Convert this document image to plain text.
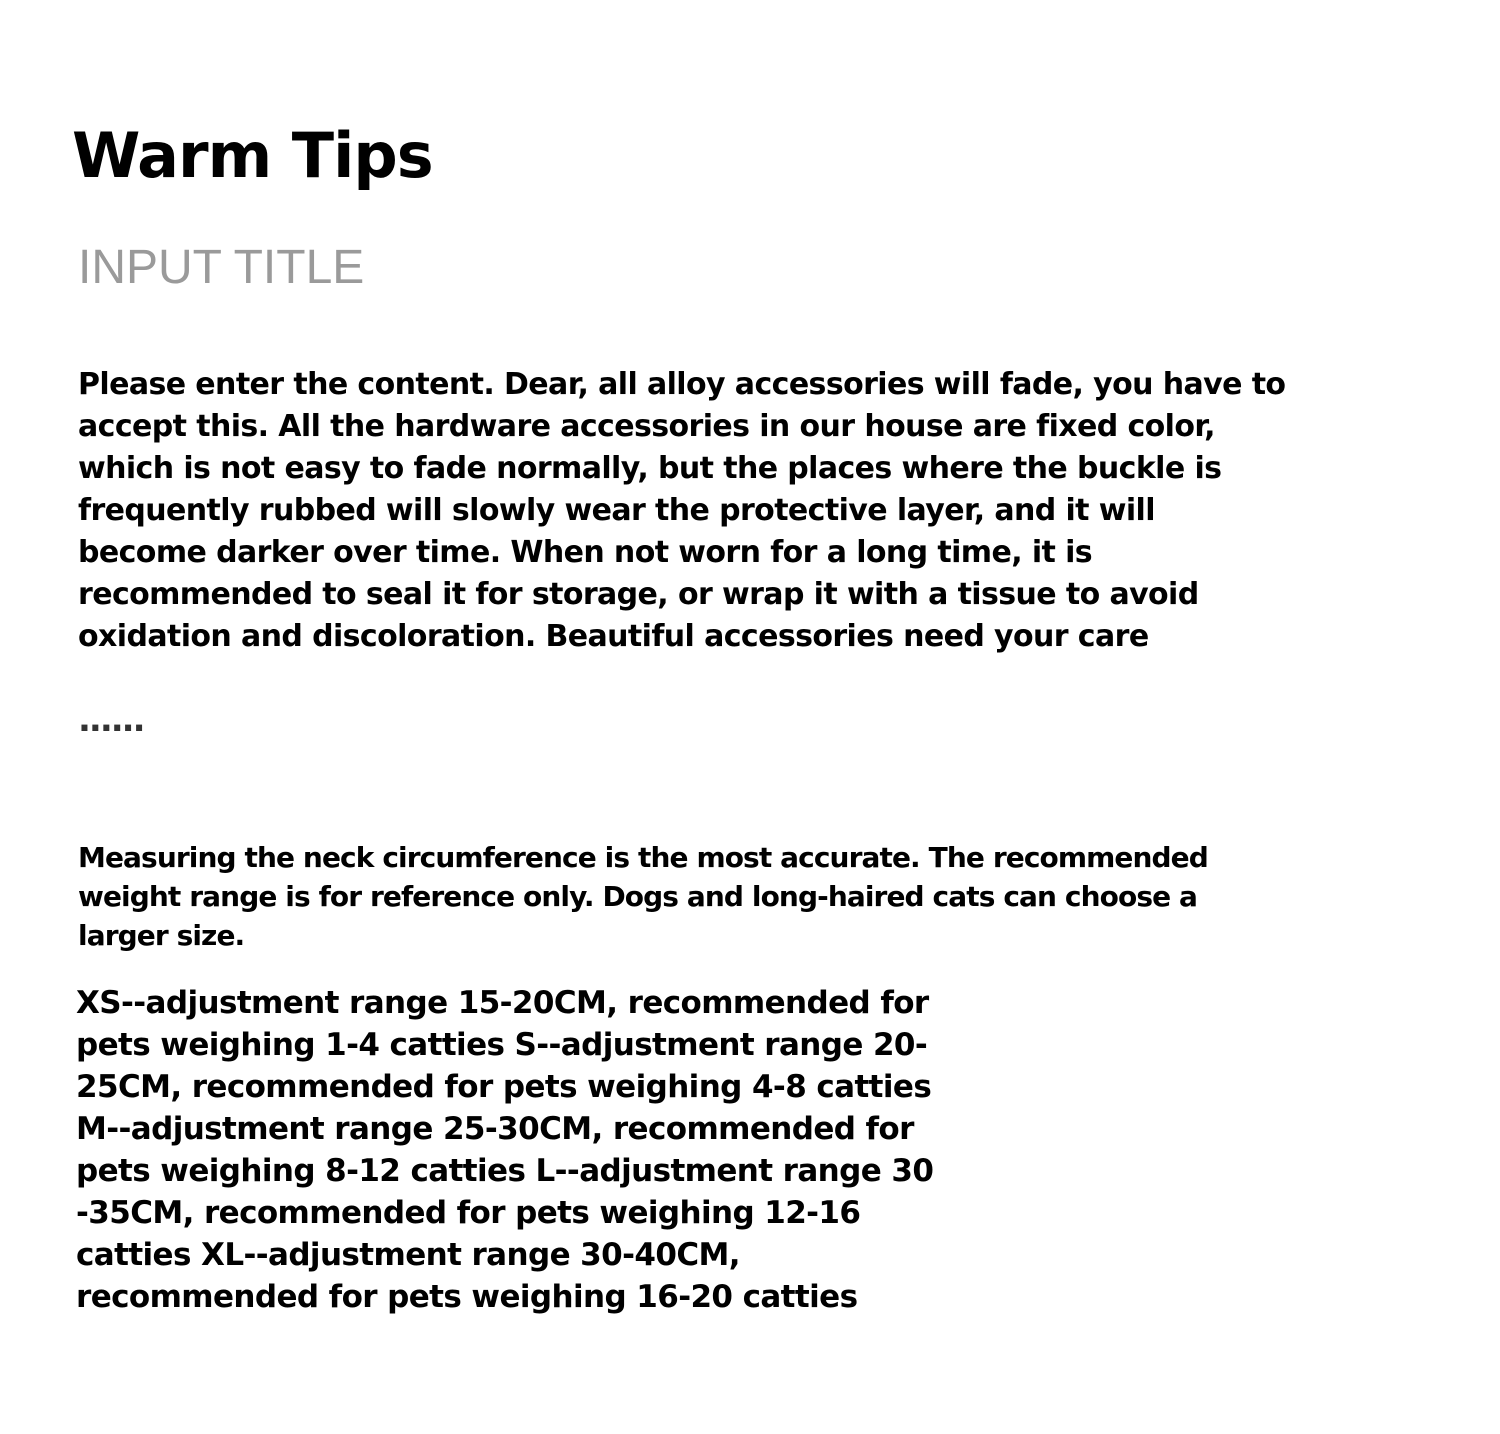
Warm Tips
INPUT TITLE
Please enter the content. Dear, all alloy accessories will fade, you have to
accept this. All the hardware accessories in our house are fixed color,
which is not easy to fade normally, but the places where the buckle is
frequently rubbed will slowly wear the protective layer, and it will
become darker over time. When not worn for a long time, it is
recommended to seal it for storage, or wrap it with a tissue to avoid
oxidation and discoloration. Beautiful accessories need your care
......
Measuring the neck circumference is the most accurate. The recommended
weight range is for reference only. Dogs and long-haired cats can choose a
larger size.
XS--adjustment range 15-20CM, recommended for
pets weighing 1-4 catties S--adjustment range 20-
25CM, recommended for pets weighing 4-8 catties
M--adjustment range 25-30CM, recommended for
pets weighing 8-12 catties L--adjustment range 30
-35CM, recommended for pets weighing 12-16
catties XL--adjustment range 30-40CM,
recommended for pets weighing 16-20 catties
